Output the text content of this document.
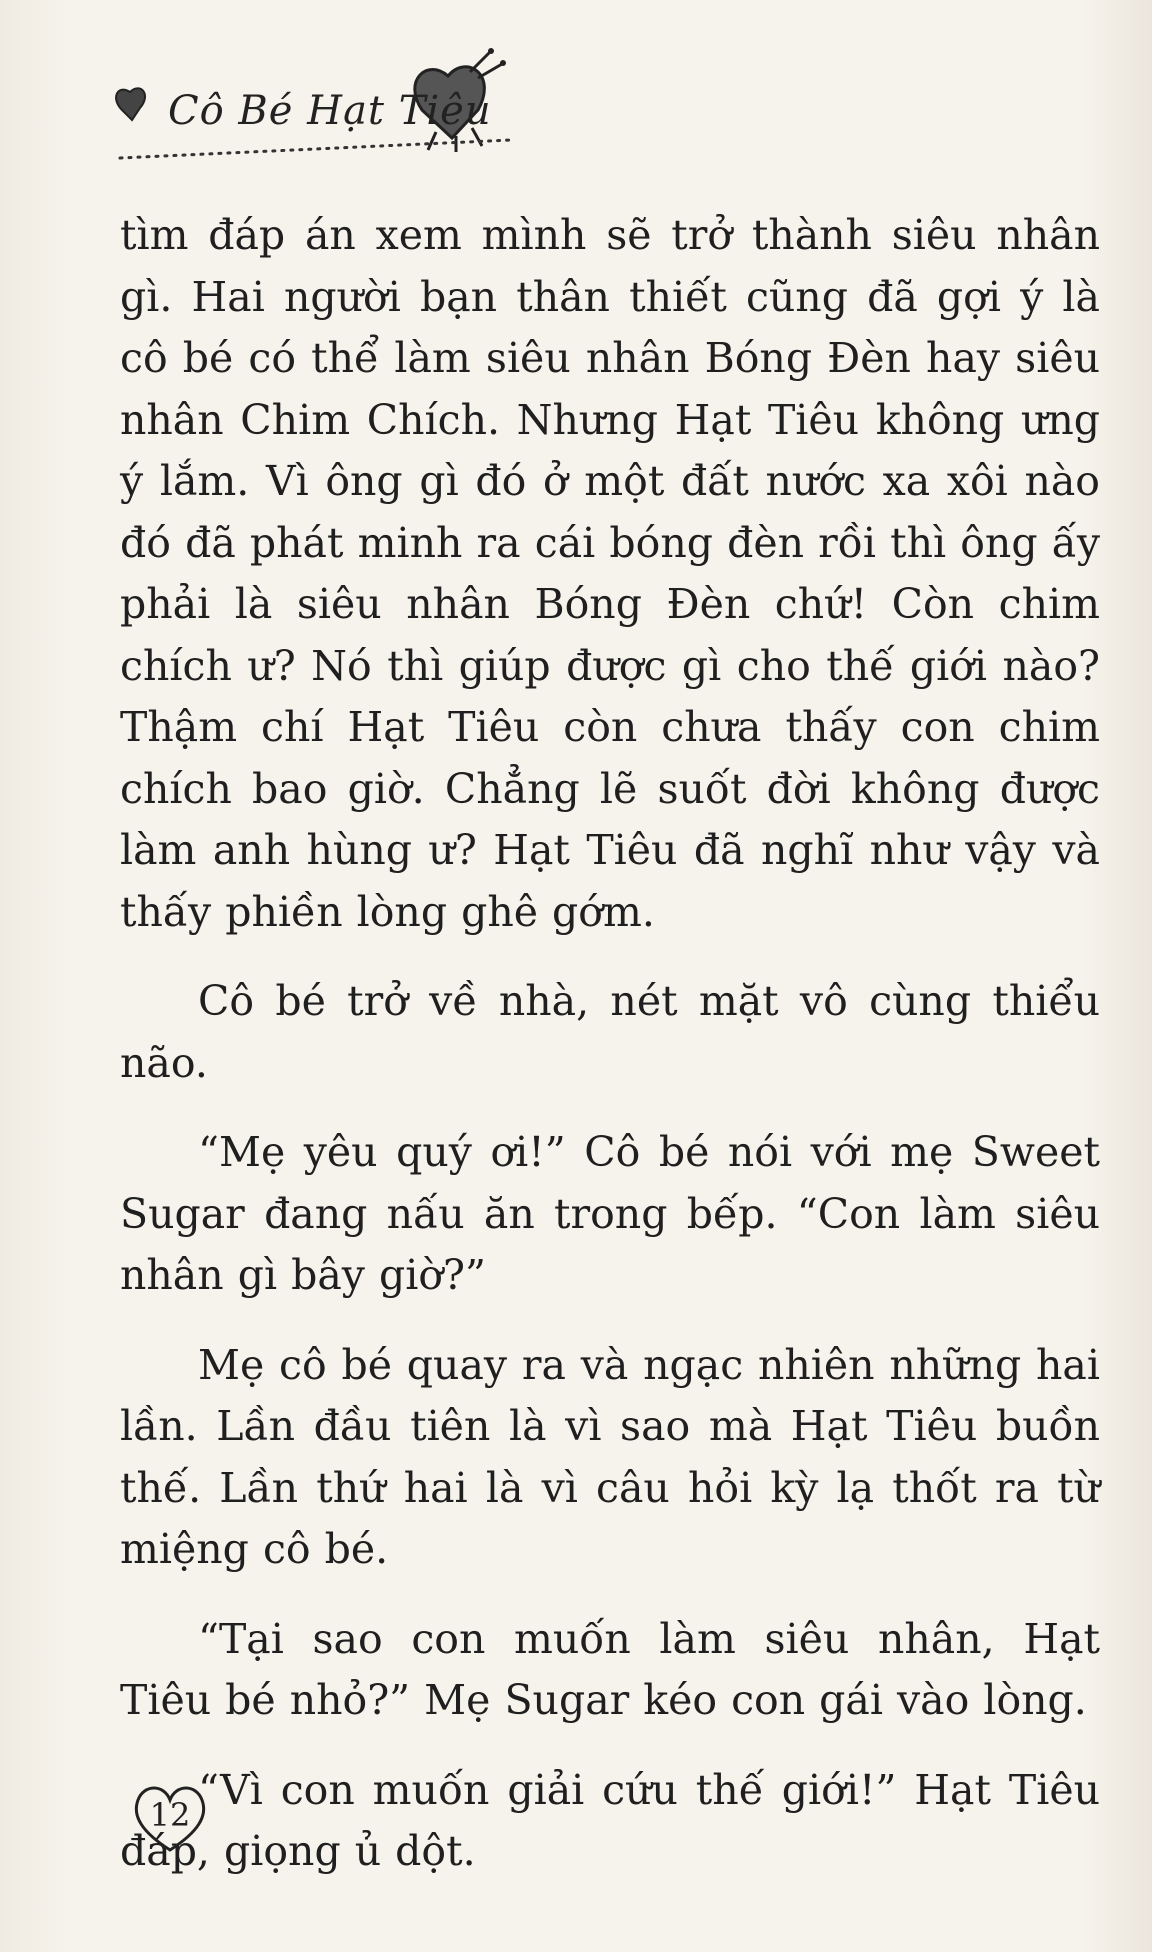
Cô Bé Hạt Tiêu

tìm đáp án xem mình sẽ trở thành siêu nhân gì. Hai người bạn thân thiết cũng đã gợi ý là cô bé có thể làm siêu nhân Bóng Đèn hay siêu nhân Chim Chích. Nhưng Hạt Tiêu không ưng ý lắm. Vì ông gì đó ở một đất nước xa xôi nào đó đã phát minh ra cái bóng đèn rồi thì ông ấy phải là siêu nhân Bóng Đèn chứ! Còn chim chích ư? Nó thì giúp được gì cho thế giới nào? Thậm chí Hạt Tiêu còn chưa thấy con chim chích bao giờ. Chẳng lẽ suốt đời không được làm anh hùng ư? Hạt Tiêu đã nghĩ như vậy và thấy phiền lòng ghê gớm.

Cô bé trở về nhà, nét mặt vô cùng thiểu não.

“Mẹ yêu quý ơi!” Cô bé nói với mẹ Sweet Sugar đang nấu ăn trong bếp. “Con làm siêu nhân gì bây giờ?”

Mẹ cô bé quay ra và ngạc nhiên những hai lần. Lần đầu tiên là vì sao mà Hạt Tiêu buồn thế. Lần thứ hai là vì câu hỏi kỳ lạ thốt ra từ miệng cô bé.

“Tại sao con muốn làm siêu nhân, Hạt Tiêu bé nhỏ?” Mẹ Sugar kéo con gái vào lòng.

“Vì con muốn giải cứu thế giới!” Hạt Tiêu đáp, giọng ủ dột.

12
